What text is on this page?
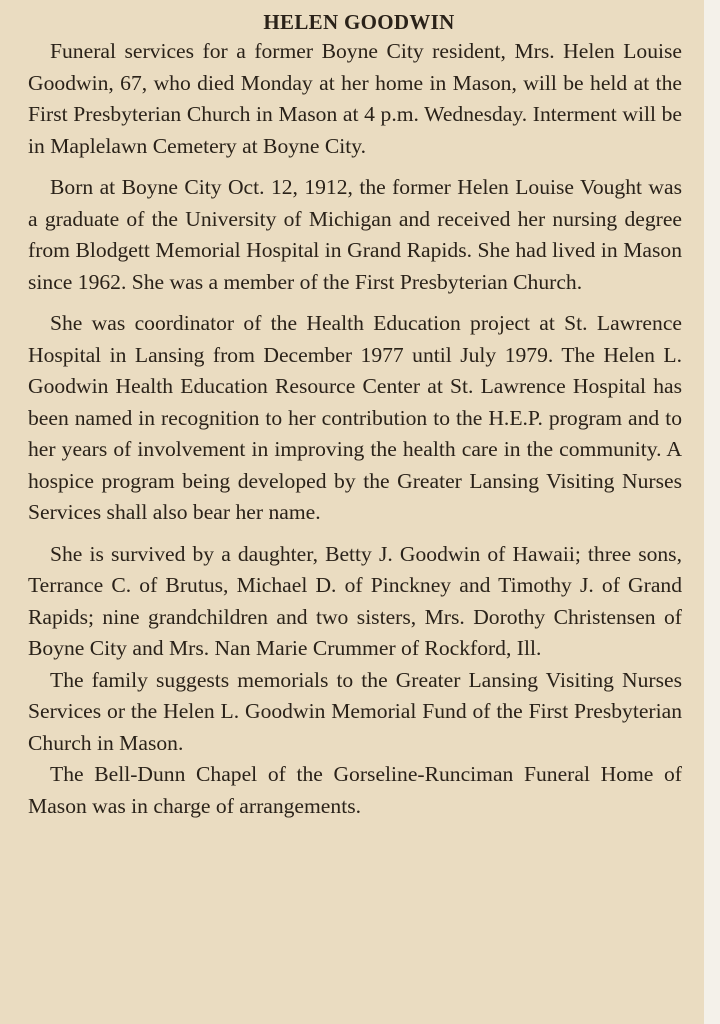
HELEN GOODWIN

Funeral services for a former Boyne City resident, Mrs. Helen Louise Goodwin, 67, who died Monday at her home in Mason, will be held at the First Presbyterian Church in Mason at 4 p.m. Wednesday. Interment will be in Maplelawn Cemetery at Boyne City.

Born at Boyne City Oct. 12, 1912, the former Helen Louise Vought was a graduate of the University of Michigan and received her nursing degree from Blodgett Memorial Hospital in Grand Rapids. She had lived in Mason since 1962. She was a member of the First Presbyterian Church.

She was coordinator of the Health Education project at St. Lawrence Hospital in Lansing from December 1977 until July 1979. The Helen L. Goodwin Health Education Resource Center at St. Lawrence Hospital has been named in recognition to her contribution to the H.E.P. program and to her years of involvement in improving the health care in the community. A hospice program being developed by the Greater Lansing Visiting Nurses Services shall also bear her name.

She is survived by a daughter, Betty J. Goodwin of Hawaii; three sons, Terrance C. of Brutus, Michael D. of Pinckney and Timothy J. of Grand Rapids; nine grandchildren and two sisters, Mrs. Dorothy Christensen of Boyne City and Mrs. Nan Marie Crummer of Rockford, Ill.

The family suggests memorials to the Greater Lansing Visiting Nurses Services or the Helen L. Goodwin Memorial Fund of the First Presbyterian Church in Mason.

The Bell-Dunn Chapel of the Gorseline-Runciman Funeral Home of Mason was in charge of arrangements.
